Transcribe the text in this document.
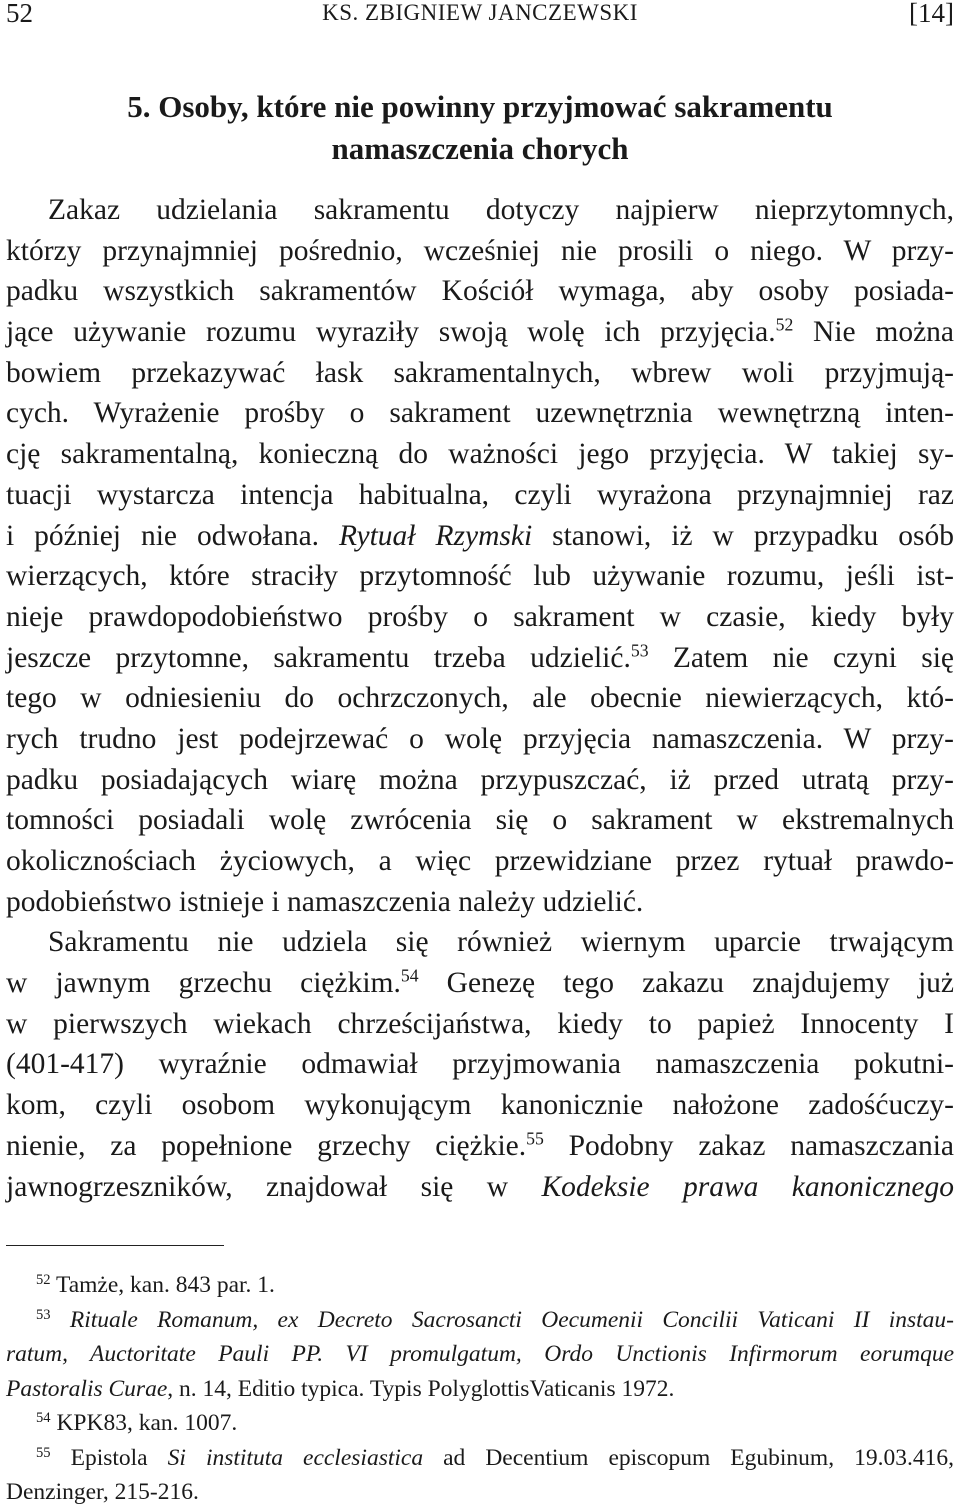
52	KS. ZBIGNIEW JANCZEWSKI	[14]
5. Osoby, które nie powinny przyjmować sakramentu
namaszczenia chorych
Zakaz udzielania sakramentu dotyczy najpierw nieprzytomnych,
którzy przynajmniej pośrednio, wcześniej nie prosili o niego. W przy-
padku wszystkich sakramentów Kościół wymaga, aby osoby posiada-
jące używanie rozumu wyraziły swoją wolę ich przyjęcia.$^{52}$ Nie można
bowiem przekazywać łask sakramentalnych, wbrew woli przyjmują-
cych. Wyrażenie prośby o sakrament uzewnętrznia wewnętrzną inten-
cję sakramentalną, konieczną do ważności jego przyjęcia. W takiej sy-
tuacji wystarcza intencja habitualna, czyli wyrażona przynajmniej raz
i później nie odwołana. Rytuał Rzymski stanowi, iż w przypadku osób
wierzących, które straciły przytomność lub używanie rozumu, jeśli ist-
nieje prawdopodobieństwo prośby o sakrament w czasie, kiedy były
jeszcze przytomne, sakramentu trzeba udzielić.$^{53}$ Zatem nie czyni się
tego w odniesieniu do ochrzczonych, ale obecnie niewierzących, któ-
rych trudno jest podejrzewać o wolę przyjęcia namaszczenia. W przy-
padku posiadających wiarę można przypuszczać, iż przed utratą przy-
tomności posiadali wolę zwrócenia się o sakrament w ekstremalnych
okolicznościach życiowych, a więc przewidziane przez rytuał prawdo-
podobieństwo istnieje i namaszczenia należy udzielić.
Sakramentu nie udziela się również wiernym uparcie trwającym
w jawnym grzechu ciężkim.$^{54}$ Genezę tego zakazu znajdujemy już
w pierwszych wiekach chrześcijaństwa, kiedy to papież Innocenty I
(401-417) wyraźnie odmawiał przyjmowania namaszczenia pokutni-
kom, czyli osobom wykonującym kanonicznie nałożone zadośćuczy-
nienie, za popełnione grzechy ciężkie.$^{55}$ Podobny zakaz namaszczania
jawnogrzeszników, znajdował się w Kodeksie prawa kanonicznego
$^{52}$ Tamże, kan. 843 par. 1.
$^{53}$ Rituale Romanum, ex Decreto Sacrosancti Oecumenii Concilii Vaticani II instau-
ratum, Auctoritate Pauli PP. VI promulgatum, Ordo Unctionis Infirmorum eorumque
Pastoralis Curae, n. 14, Editio typica. Typis PolyglottisVaticanis 1972.
$^{54}$ KPK83, kan. 1007.
$^{55}$ Epistola Si instituta ecclesiastica ad Decentium episcopum Egubinum, 19.03.416,
Denzinger, 215-216.
